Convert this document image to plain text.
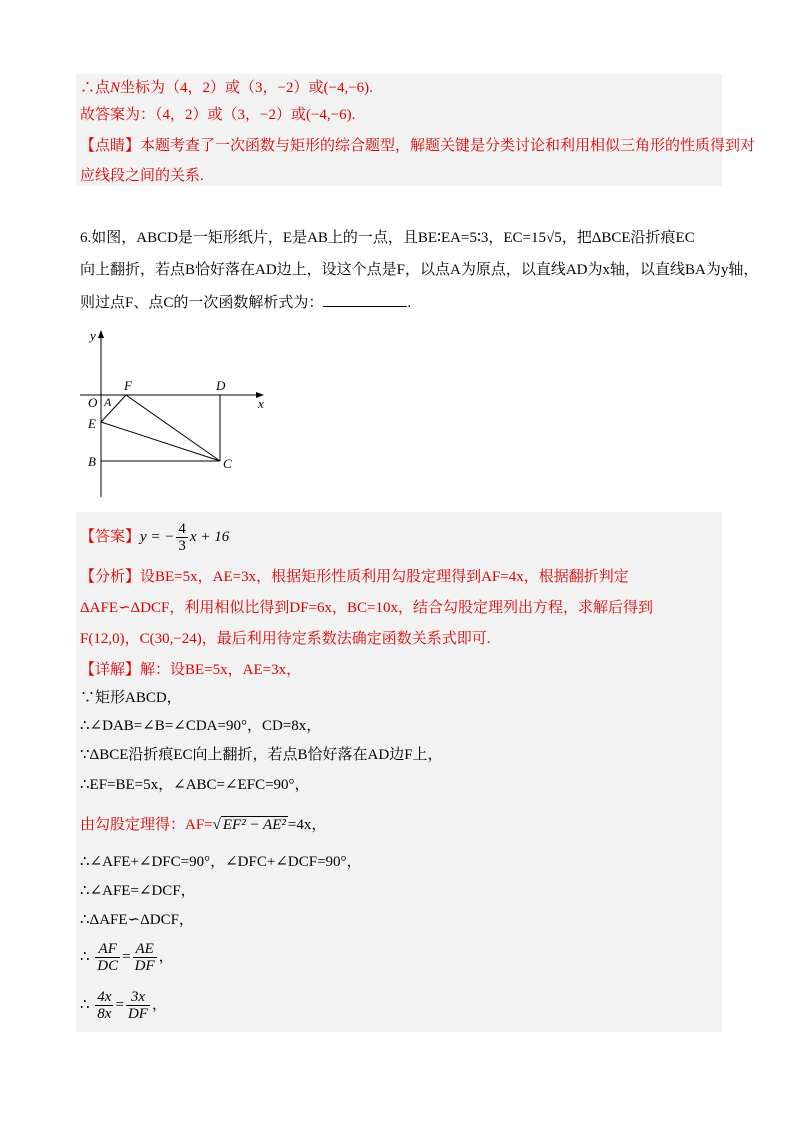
∴点N坐标为（4，2）或（3，−2）或(−4,−6).
故答案为：（4，2）或（3，−2）或(−4,−6).
【点睛】本题考查了一次函数与矩形的综合题型，解题关键是分类讨论和利用相似三角形的性质得到对
应线段之间的关系.
6.如图，ABCD是一矩形纸片，E是AB上的一点，且BE∶EA=5∶3，EC=15√5，把ΔBCE沿折痕EC
向上翻折，若点B恰好落在AD边上，设这个点是F，以点A为原点，以直线AD为x轴，以直线BA为y轴，
则过点F、点C的一次函数解析式为：	.
y
x
O A
F	D
E
B	C
【答案】y = − $\frac{4}{3}$ x + 16
【分析】设BE=5x，AE=3x，根据矩形性质利用勾股定理得到AF=4x，根据翻折判定
ΔAFE∽ΔDCF，利用相似比得到DF=6x，BC=10x，结合勾股定理列出方程，求解后得到
F(12,0)，C(30,−24)，最后利用待定系数法确定函数关系式即可.
【详解】解：设BE=5x，AE=3x，
∵矩形ABCD，
∴∠DAB=∠B=∠CDA=90°，CD=8x，
∵ΔBCE沿折痕EC向上翻折，若点B恰好落在AD边F上，
∴EF=BE=5x，∠ABC=∠EFC=90°，
由勾股定理得：AF=√ EF² − AE² =4x，
∴∠AFE+∠DFC=90°，∠DFC+∠DCF=90°，
∴∠AFE=∠DCF，
∴ΔAFE∽ΔDCF，
∴ $\frac{AF}{DC} = \frac{AE}{DF}$ ，
∴ $\frac{4x}{8x} = \frac{3x}{DF}$ ，
